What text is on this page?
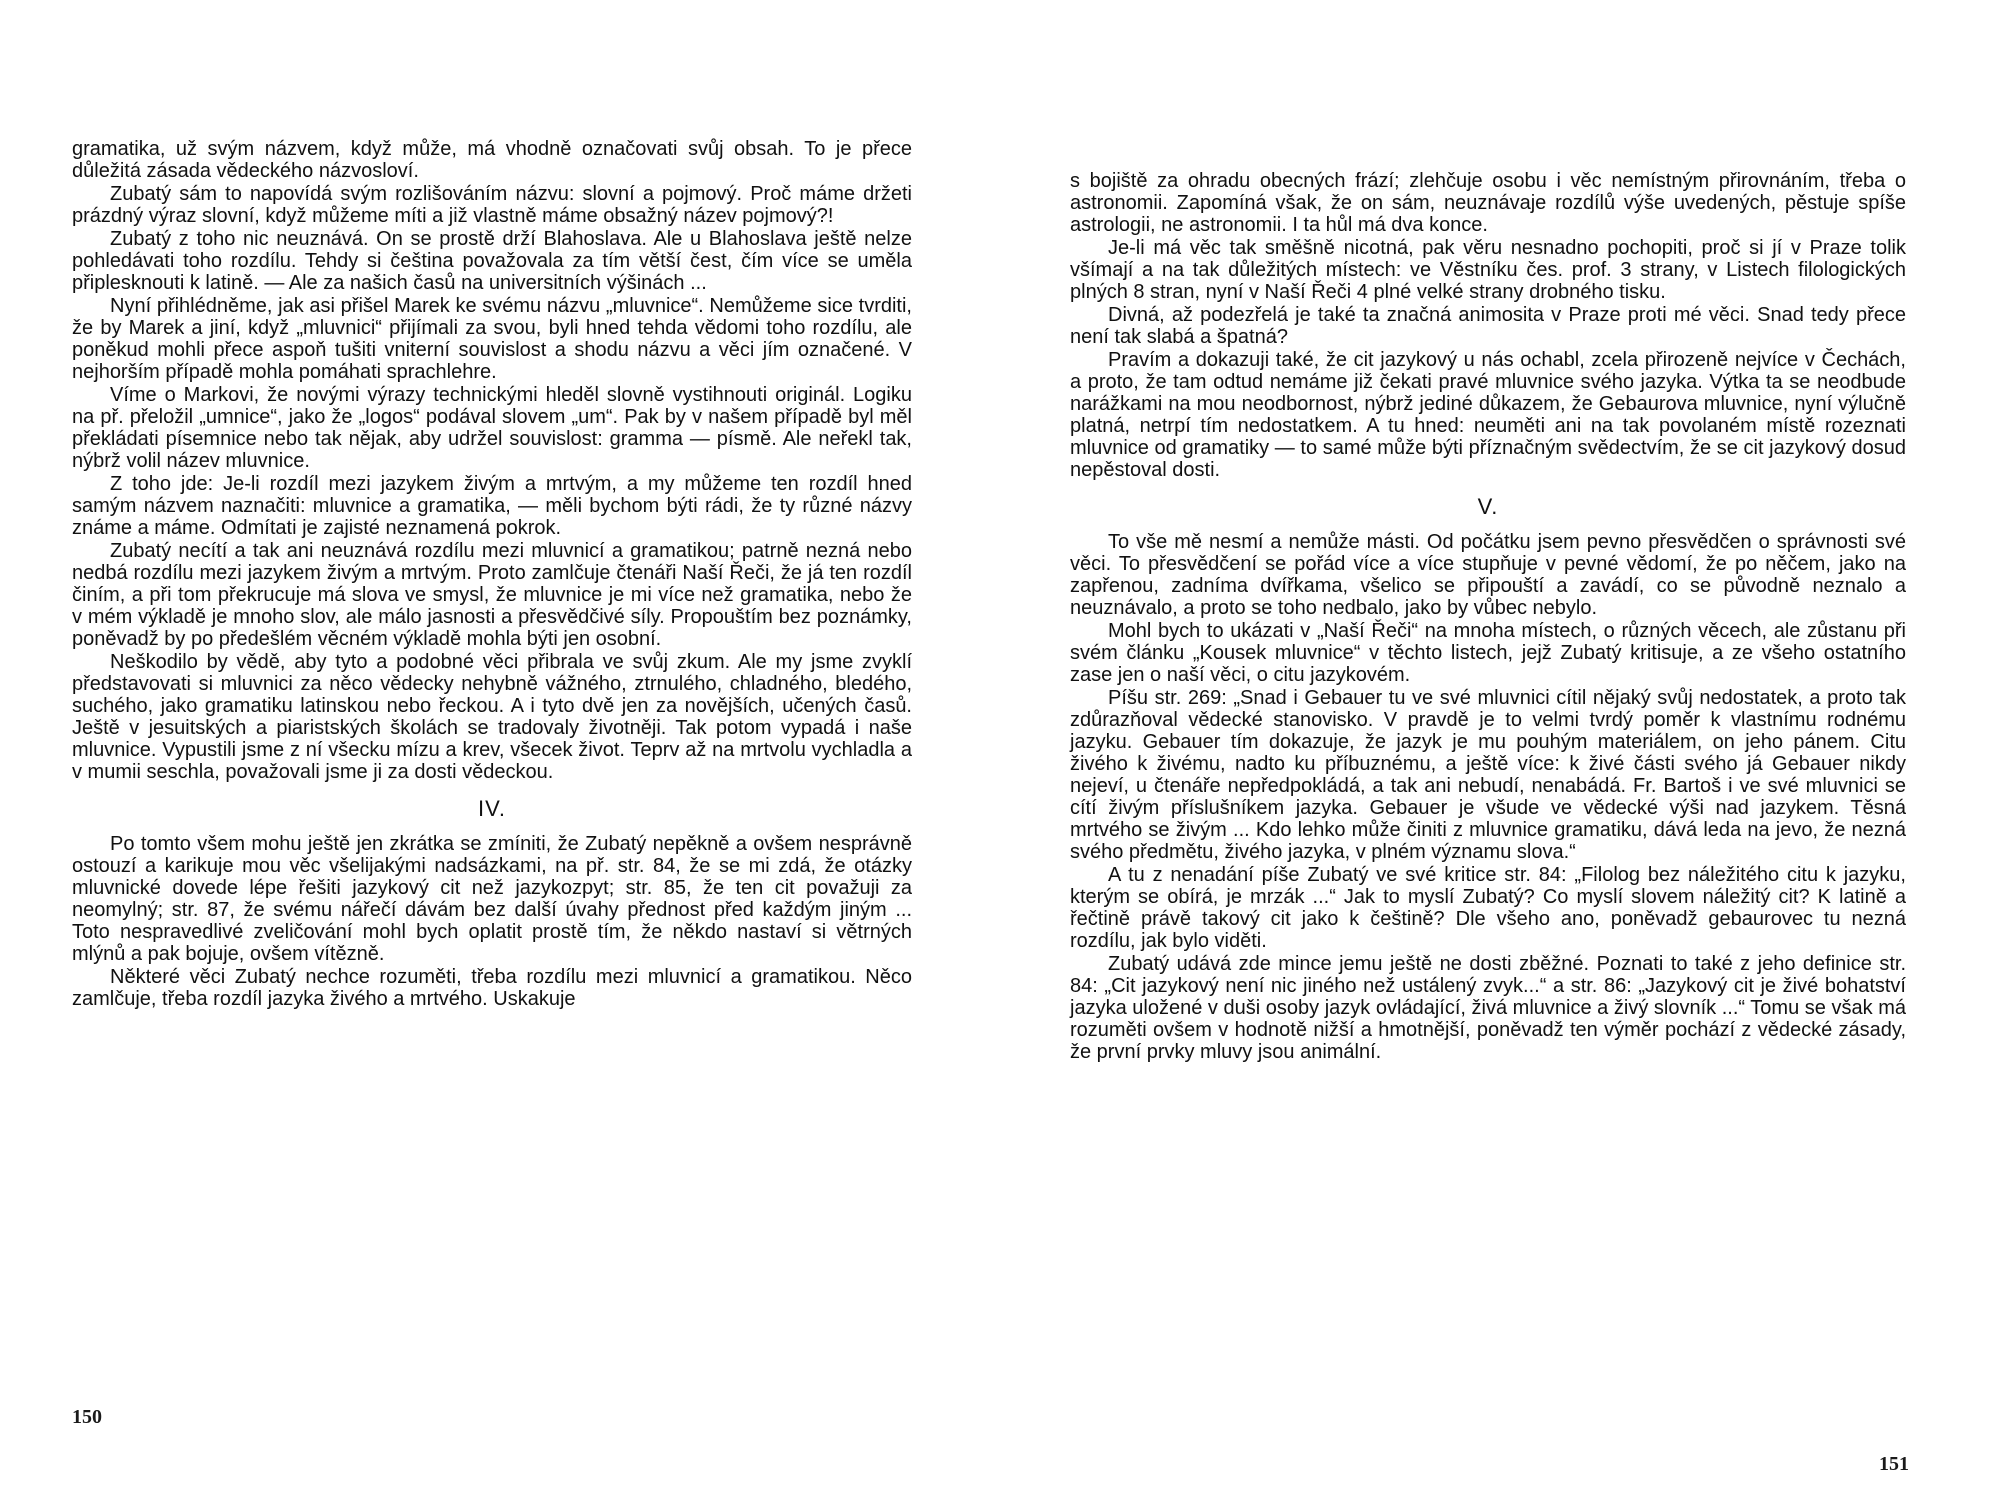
gramatika, už svým názvem, když může, má vhodně označovati svůj obsah. To je přece důležitá zásada vědeckého názvosloví.

Zubatý sám to napovídá svým rozlišováním názvu: slovní a pojmový. Proč máme držeti prázdný výraz slovní, když můžeme míti a již vlastně máme obsažný název pojmový?!

Zubatý z toho nic neuznává. On se prostě drží Blahoslava. Ale u Blahoslava ještě nelze pohledávati toho rozdílu. Tehdy si čeština považovala za tím větší čest, čím více se uměla připlesknouti k latině. — Ale za našich časů na universitních výšinách ...

Nyní přihlédněme, jak asi přišel Marek ke svému názvu „mluvnice“. Nemůžeme sice tvrditi, že by Marek a jiní, když „mluvnici“ přijímali za svou, byli hned tehda vědomi toho rozdílu, ale poněkud mohli přece aspoň tušiti vniterní souvislost a shodu názvu a věci jím označené. V nejhorším případě mohla pomáhati sprachlehre.

Víme o Markovi, že novými výrazy technickými hleděl slovně vystihnouti originál. Logiku na př. přeložil „umnice“, jako že „logos“ podával slovem „um“. Pak by v našem případě byl měl překládati písemnice nebo tak nějak, aby udržel souvislost: gramma — písmě. Ale neřekl tak, nýbrž volil název mluvnice.

Z toho jde: Je-li rozdíl mezi jazykem živým a mrtvým, a my můžeme ten rozdíl hned samým názvem naznačiti: mluvnice a gramatika, — měli bychom býti rádi, že ty různé názvy známe a máme. Odmítati je zajisté neznamená pokrok.

Zubatý necítí a tak ani neuznává rozdílu mezi mluvnicí a gramatikou; patrně nezná nebo nedbá rozdílu mezi jazykem živým a mrtvým. Proto zamlčuje čtenáři Naší Řeči, že já ten rozdíl činím, a při tom překrucuje má slova ve smysl, že mluvnice je mi více než gramatika, nebo že v mém výkladě je mnoho slov, ale málo jasnosti a přesvědčivé síly. Propouštím bez poznámky, poněvadž by po předešlém věcném výkladě mohla býti jen osobní.

Neškodilo by vědě, aby tyto a podobné věci přibrala ve svůj zkum. Ale my jsme zvyklí představovati si mluvnici za něco vědecky nehybně vážného, ztrnulého, chladného, bledého, suchého, jako gramatiku latinskou nebo řeckou. A i tyto dvě jen za novějších, učených časů. Ještě v jesuitských a piaristských školách se tradovaly životněji. Tak potom vypadá i naše mluvnice. Vypustili jsme z ní všecku mízu a krev, všecek život. Teprv až na mrtvolu vychladla a v mumii seschla, považovali jsme ji za dosti vědeckou.

IV.

Po tomto všem mohu ještě jen zkrátka se zmíniti, že Zubatý nepěkně a ovšem nesprávně ostouzí a karikuje mou věc všelijakými nadsázkami, na př. str. 84, že se mi zdá, že otázky mluvnické dovede lépe řešiti jazykový cit než jazykozpyt; str. 85, že ten cit považuji za neomylný; str. 87, že svému nářečí dávám bez další úvahy přednost před každým jiným ... Toto nespravedlivé zveličování mohl bych oplatit prostě tím, že někdo nastaví si větrných mlýnů a pak bojuje, ovšem vítězně.

Některé věci Zubatý nechce rozuměti, třeba rozdílu mezi mluvnicí a gramatikou. Něco zamlčuje, třeba rozdíl jazyka živého a mrtvého. Uskakuje

150

s bojiště za ohradu obecných frází; zlehčuje osobu i věc nemístným přirovnáním, třeba o astronomii. Zapomíná však, že on sám, neuznávaje rozdílů výše uvedených, pěstuje spíše astrologii, ne astronomii. I ta hůl má dva konce.

Je-li má věc tak směšně nicotná, pak věru nesnadno pochopiti, proč si jí v Praze tolik všímají a na tak důležitých místech: ve Věstníku čes. prof. 3 strany, v Listech filologických plných 8 stran, nyní v Naší Řeči 4 plné velké strany drobného tisku.

Divná, až podezřelá je také ta značná animosita v Praze proti mé věci. Snad tedy přece není tak slabá a špatná?

Pravím a dokazuji také, že cit jazykový u nás ochabl, zcela přirozeně nejvíce v Čechách, a proto, že tam odtud nemáme již čekati pravé mluvnice svého jazyka. Výtka ta se neodbude narážkami na mou neodbornost, nýbrž jediné důkazem, že Gebaurova mluvnice, nyní výlučně platná, netrpí tím nedostatkem. A tu hned: neuměti ani na tak povolaném místě rozeznati mluvnice od gramatiky — to samé může býti příznačným svědectvím, že se cit jazykový dosud nepěstoval dosti.

V.

To vše mě nesmí a nemůže másti. Od počátku jsem pevno přesvědčen o správnosti své věci. To přesvědčení se pořád více a více stupňuje v pevné vědomí, že po něčem, jako na zapřenou, zadníma dvířkama, všelico se připouští a zavádí, co se původně neznalo a neuznávalo, a proto se toho nedbalo, jako by vůbec nebylo.

Mohl bych to ukázati v „Naší Řeči“ na mnoha místech, o různých věcech, ale zůstanu při svém článku „Kousek mluvnice“ v těchto listech, jejž Zubatý kritisuje, a ze všeho ostatního zase jen o naší věci, o citu jazykovém.

Píšu str. 269: „Snad i Gebauer tu ve své mluvnici cítil nějaký svůj nedostatek, a proto tak zdůrazňoval vědecké stanovisko. V pravdě je to velmi tvrdý poměr k vlastnímu rodnému jazyku. Gebauer tím dokazuje, že jazyk je mu pouhým materiálem, on jeho pánem. Citu živého k živému, nadto ku příbuznému, a ještě více: k živé části svého já Gebauer nikdy nejeví, u čtenáře nepředpokládá, a tak ani nebudí, nenabádá. Fr. Bartoš i ve své mluvnici se cítí živým příslušníkem jazyka. Gebauer je všude ve vědecké výši nad jazykem. Těsná mrtvého se živým ... Kdo lehko může činiti z mluvnice gramatiku, dává leda na jevo, že nezná svého předmětu, živého jazyka, v plném významu slova.“

A tu z nenadání píše Zubatý ve své kritice str. 84: „Filolog bez náležitého citu k jazyku, kterým se obírá, je mrzák ...“ Jak to myslí Zubatý? Co myslí slovem náležitý cit? K latině a řečtině právě takový cit jako k češtině? Dle všeho ano, poněvadž gebaurovec tu nezná rozdílu, jak bylo viděti.

Zubatý udává zde mince jemu ještě ne dosti zběžné. Poznati to také z jeho definice str. 84: „Cit jazykový není nic jiného než ustálený zvyk...“ a str. 86: „Jazykový cit je živé bohatství jazyka uložené v duši osoby jazyk ovládající, živá mluvnice a živý slovník ...“ Tomu se však má rozuměti ovšem v hodnotě nižší a hmotnější, poněvadž ten výměr pochází z vědecké zásady, že první prvky mluvy jsou animální.

151
